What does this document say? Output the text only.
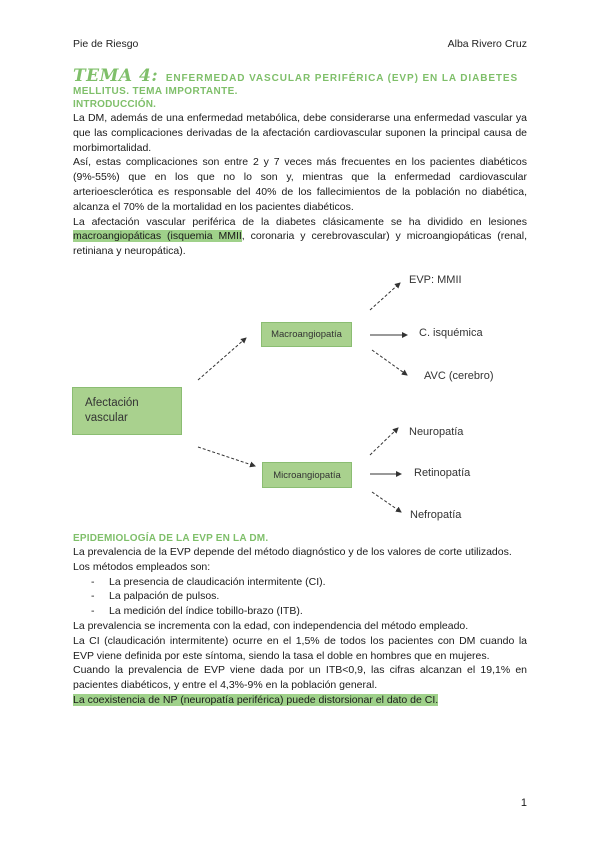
Pie de Riesgo	Alba Rivero Cruz
TEMA 4: ENFERMEDAD VASCULAR PERIFÉRICA (EVP) EN LA DIABETES
MELLITUS. TEMA IMPORTANTE.
INTRODUCCIÓN.

La DM, además de una enfermedad metabólica, debe considerarse una enfermedad vascular ya que las complicaciones derivadas de la afectación cardiovascular suponen la principal causa de morbimortalidad.

Así, estas complicaciones son entre 2 y 7 veces más frecuentes en los pacientes diabéticos (9%-55%) que en los que no lo son y, mientras que la enfermedad cardiovascular arterioesclerótica es responsable del 40% de los fallecimientos de la población no diabética, alcanza el 70% de la mortalidad en los pacientes diabéticos.

La afectación vascular periférica de la diabetes clásicamente se ha dividido en lesiones macroangiopáticas (isquemia MMII, coronaria y cerebrovascular) y microangiopáticas (renal, retiniana y neuropática).

Afectación vascular
Macroangiopatía
Microangiopatía
EVP: MMII
C. isquémica
AVC (cerebro)
Neuropatía
Retinopatía
Nefropatía
EPIDEMIOLOGÍA DE LA EVP EN LA DM.

La prevalencia de la EVP depende del método diagnóstico y de los valores de corte utilizados.

Los métodos empleados son:

- La presencia de claudicación intermitente (CI).
- La palpación de pulsos.
- La medición del índice tobillo-brazo (ITB).

La prevalencia se incrementa con la edad, con independencia del método empleado.

La CI (claudicación intermitente) ocurre en el 1,5% de todos los pacientes con DM cuando la EVP viene definida por este síntoma, siendo la tasa el doble en hombres que en mujeres.

Cuando la prevalencia de EVP viene dada por un ITB<0,9, las cifras alcanzan el 19,1% en pacientes diabéticos, y entre el 4,3%-9% en la población general.

La coexistencia de NP (neuropatía periférica) puede distorsionar el dato de CI.

1
